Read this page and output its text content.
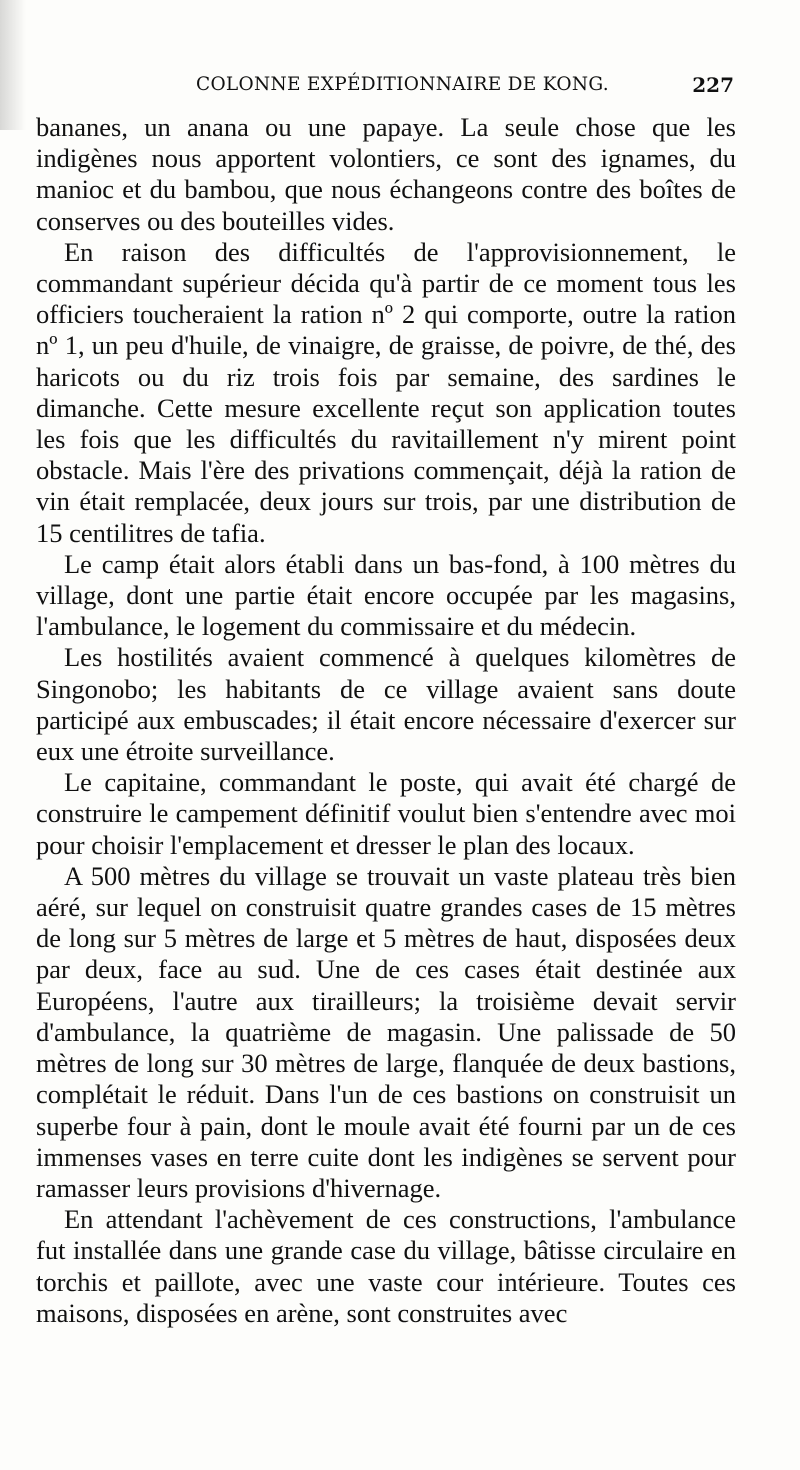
COLONNE EXPÉDITIONNAIRE DE KONG.	227

bananes, un anana ou une papaye. La seule chose que les indigènes nous apportent volontiers, ce sont des ignames, du manioc et du bambou, que nous échangeons contre des boîtes de conserves ou des bouteilles vides.

En raison des difficultés de l'approvisionnement, le commandant supérieur décida qu'à partir de ce moment tous les officiers toucheraient la ration nº 2 qui comporte, outre la ration nº 1, un peu d'huile, de vinaigre, de graisse, de poivre, de thé, des haricots ou du riz trois fois par semaine, des sardines le dimanche. Cette mesure excellente reçut son application toutes les fois que les difficultés du ravitaillement n'y mirent point obstacle. Mais l'ère des privations commençait, déjà la ration de vin était remplacée, deux jours sur trois, par une distribution de 15 centilitres de tafia.

Le camp était alors établi dans un bas-fond, à 100 mètres du village, dont une partie était encore occupée par les magasins, l'ambulance, le logement du commissaire et du médecin.

Les hostilités avaient commencé à quelques kilomètres de Singonobo; les habitants de ce village avaient sans doute participé aux embuscades; il était encore nécessaire d'exercer sur eux une étroite surveillance.

Le capitaine, commandant le poste, qui avait été chargé de construire le campement définitif voulut bien s'entendre avec moi pour choisir l'emplacement et dresser le plan des locaux.

A 500 mètres du village se trouvait un vaste plateau très bien aéré, sur lequel on construisit quatre grandes cases de 15 mètres de long sur 5 mètres de large et 5 mètres de haut, disposées deux par deux, face au sud. Une de ces cases était destinée aux Européens, l'autre aux tirailleurs; la troisième devait servir d'ambulance, la quatrième de magasin. Une palissade de 50 mètres de long sur 30 mètres de large, flanquée de deux bastions, complétait le réduit. Dans l'un de ces bastions on construisit un superbe four à pain, dont le moule avait été fourni par un de ces immenses vases en terre cuite dont les indigènes se servent pour ramasser leurs provisions d'hivernage.

En attendant l'achèvement de ces constructions, l'ambulance fut installée dans une grande case du village, bâtisse circulaire en torchis et paillote, avec une vaste cour intérieure. Toutes ces maisons, disposées en arène, sont construites avec
